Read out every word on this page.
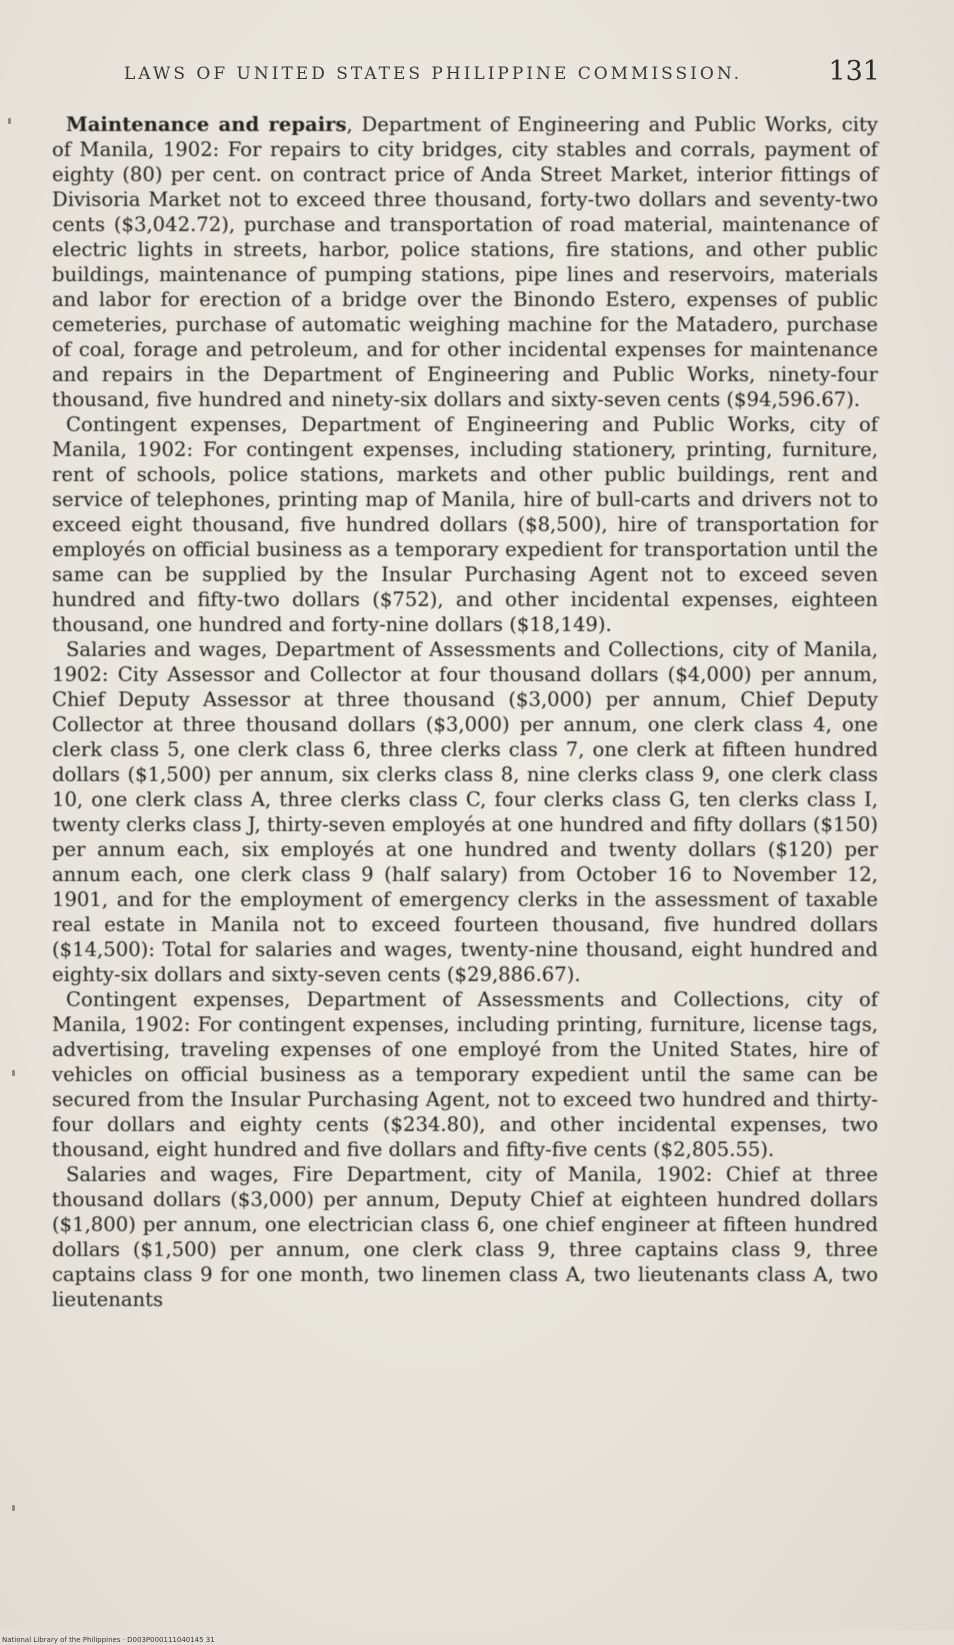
LAWS OF UNITED STATES PHILIPPINE COMMISSION.	131

Maintenance and repairs, Department of Engineering and Public Works, city of Manila, 1902: For repairs to city bridges, city stables and corrals, payment of eighty (80) per cent. on contract price of Anda Street Market, interior fittings of Divisoria Market not to exceed three thousand, forty-two dollars and seventy-two cents ($3,042.72), purchase and transportation of road material, maintenance of electric lights in streets, harbor, police stations, fire stations, and other public buildings, maintenance of pumping stations, pipe lines and reservoirs, materials and labor for erection of a bridge over the Binondo Estero, expenses of public cemeteries, purchase of automatic weighing machine for the Matadero, purchase of coal, forage and petroleum, and for other incidental expenses for maintenance and repairs in the Department of Engineering and Public Works, ninety-four thousand, five hundred and ninety-six dollars and sixty-seven cents ($94,596.67).

Contingent expenses, Department of Engineering and Public Works, city of Manila, 1902: For contingent expenses, including stationery, printing, furniture, rent of schools, police stations, markets and other public buildings, rent and service of telephones, printing map of Manila, hire of bull-carts and drivers not to exceed eight thousand, five hundred dollars ($8,500), hire of transportation for employés on official business as a temporary expedient for transportation until the same can be supplied by the Insular Purchasing Agent not to exceed seven hundred and fifty-two dollars ($752), and other incidental expenses, eighteen thousand, one hundred and forty-nine dollars ($18,149).

Salaries and wages, Department of Assessments and Collections, city of Manila, 1902: City Assessor and Collector at four thousand dollars ($4,000) per annum, Chief Deputy Assessor at three thousand ($3,000) per annum, Chief Deputy Collector at three thousand dollars ($3,000) per annum, one clerk class 4, one clerk class 5, one clerk class 6, three clerks class 7, one clerk at fifteen hundred dollars ($1,500) per annum, six clerks class 8, nine clerks class 9, one clerk class 10, one clerk class A, three clerks class C, four clerks class G, ten clerks class I, twenty clerks class J, thirty-seven employés at one hundred and fifty dollars ($150) per annum each, six employés at one hundred and twenty dollars ($120) per annum each, one clerk class 9 (half salary) from October 16 to November 12, 1901, and for the employment of emergency clerks in the assessment of taxable real estate in Manila not to exceed fourteen thousand, five hundred dollars ($14,500): Total for salaries and wages, twenty-nine thousand, eight hundred and eighty-six dollars and sixty-seven cents ($29,886.67).

Contingent expenses, Department of Assessments and Collections, city of Manila, 1902: For contingent expenses, including printing, furniture, license tags, advertising, traveling expenses of one employé from the United States, hire of vehicles on official business as a temporary expedient until the same can be secured from the Insular Purchasing Agent, not to exceed two hundred and thirty-four dollars and eighty cents ($234.80), and other incidental expenses, two thousand, eight hundred and five dollars and fifty-five cents ($2,805.55).

Salaries and wages, Fire Department, city of Manila, 1902: Chief at three thousand dollars ($3,000) per annum, Deputy Chief at eighteen hundred dollars ($1,800) per annum, one electrician class 6, one chief engineer at fifteen hundred dollars ($1,500) per annum, one clerk class 9, three captains class 9, three captains class 9 for one month, two linemen class A, two lieutenants class A, two lieutenants

National Library of the Philippines · D003P000111040145 31
